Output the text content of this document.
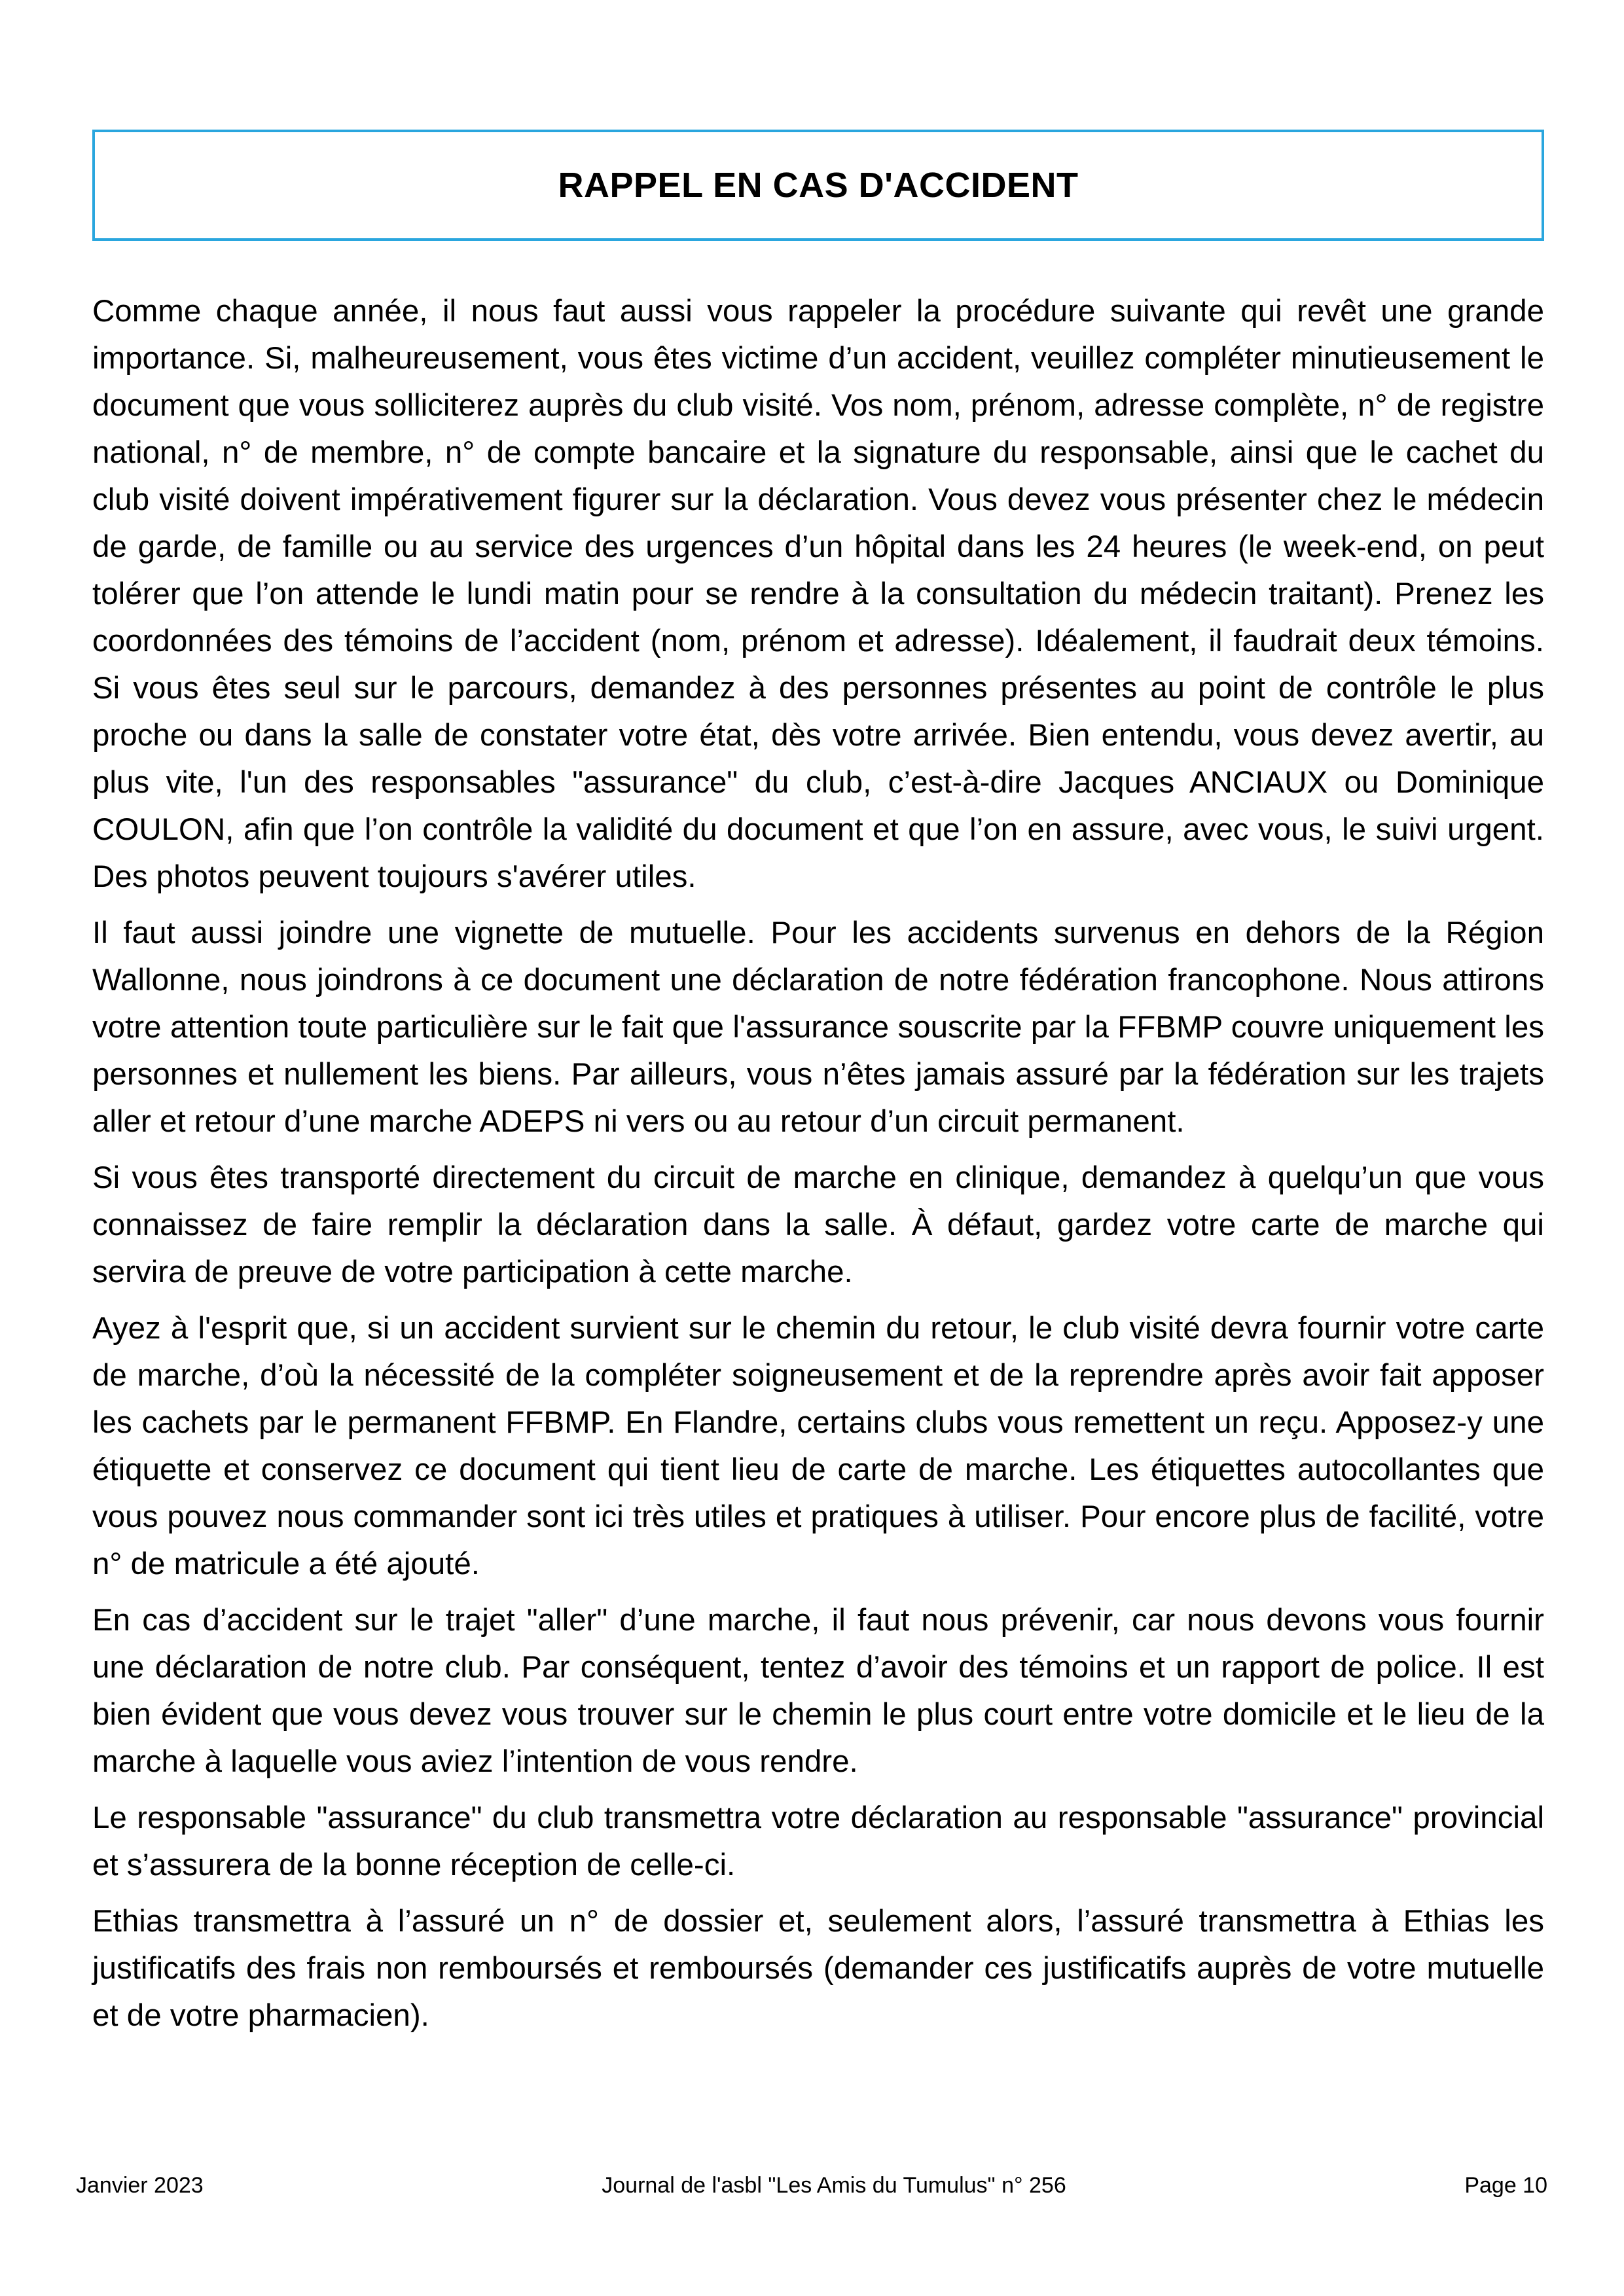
RAPPEL EN CAS D'ACCIDENT

Comme chaque année, il nous faut aussi vous rappeler la procédure suivante qui revêt une grande importance. Si, malheureusement, vous êtes victime d’un accident, veuillez compléter minutieusement le document que vous solliciterez auprès du club visité. Vos nom, prénom, adresse complète, n° de registre national, n° de membre, n° de compte bancaire et la signature du responsable, ainsi que le cachet du club visité doivent impérativement figurer sur la déclaration. Vous devez vous présenter chez le médecin de garde, de famille ou au service des urgences d’un hôpital dans les 24 heures (le week-end, on peut tolérer que l’on attende le lundi matin pour se rendre à la consultation du médecin traitant). Prenez les coordonnées des témoins de l’accident (nom, prénom et adresse). Idéalement, il faudrait deux témoins. Si vous êtes seul sur le parcours, demandez à des personnes présentes au point de contrôle le plus proche ou dans la salle de constater votre état, dès votre arrivée. Bien entendu, vous devez avertir, au plus vite, l'un des responsables "assurance" du club, c’est-à-dire Jacques ANCIAUX ou Dominique COULON, afin que l’on contrôle la validité du document et que l’on en assure, avec vous, le suivi urgent. Des photos peuvent toujours s'avérer utiles.

Il faut aussi joindre une vignette de mutuelle. Pour les accidents survenus en dehors de la Région Wallonne, nous joindrons à ce document une déclaration de notre fédération francophone. Nous attirons votre attention toute particulière sur le fait que l'assurance souscrite par la FFBMP couvre uniquement les personnes et nullement les biens. Par ailleurs, vous n’êtes jamais assuré par la fédération sur les trajets aller et retour d’une marche ADEPS ni vers ou au retour d’un circuit permanent.

Si vous êtes transporté directement du circuit de marche en clinique, demandez à quelqu’un que vous connaissez de faire remplir la déclaration dans la salle. À défaut, gardez votre carte de marche qui servira de preuve de votre participation à cette marche.

Ayez à l'esprit que, si un accident survient sur le chemin du retour, le club visité devra fournir votre carte de marche, d’où la nécessité de la compléter soigneusement et de la reprendre après avoir fait apposer les cachets par le permanent FFBMP. En Flandre, certains clubs vous remettent un reçu. Apposez-y une étiquette et conservez ce document qui tient lieu de carte de marche. Les étiquettes autocollantes que vous pouvez nous commander sont ici très utiles et pratiques à utiliser. Pour encore plus de facilité, votre n° de matricule a été ajouté.

En cas d’accident sur le trajet "aller" d’une marche, il faut nous prévenir, car nous devons vous fournir une déclaration de notre club. Par conséquent, tentez d’avoir des témoins et un rapport de police. Il est bien évident que vous devez vous trouver sur le chemin le plus court entre votre domicile et le lieu de la marche à laquelle vous aviez l’intention de vous rendre.

Le responsable "assurance" du club transmettra votre déclaration au responsable "assurance" provincial et s’assurera de la bonne réception de celle-ci.

Ethias transmettra à l’assuré un n° de dossier et, seulement alors, l’assuré transmettra à Ethias les justificatifs des frais non remboursés et remboursés (demander ces justificatifs auprès de votre mutuelle et de votre pharmacien).

Janvier 2023	Journal de l'asbl "Les Amis du Tumulus" n° 256	Page 10
